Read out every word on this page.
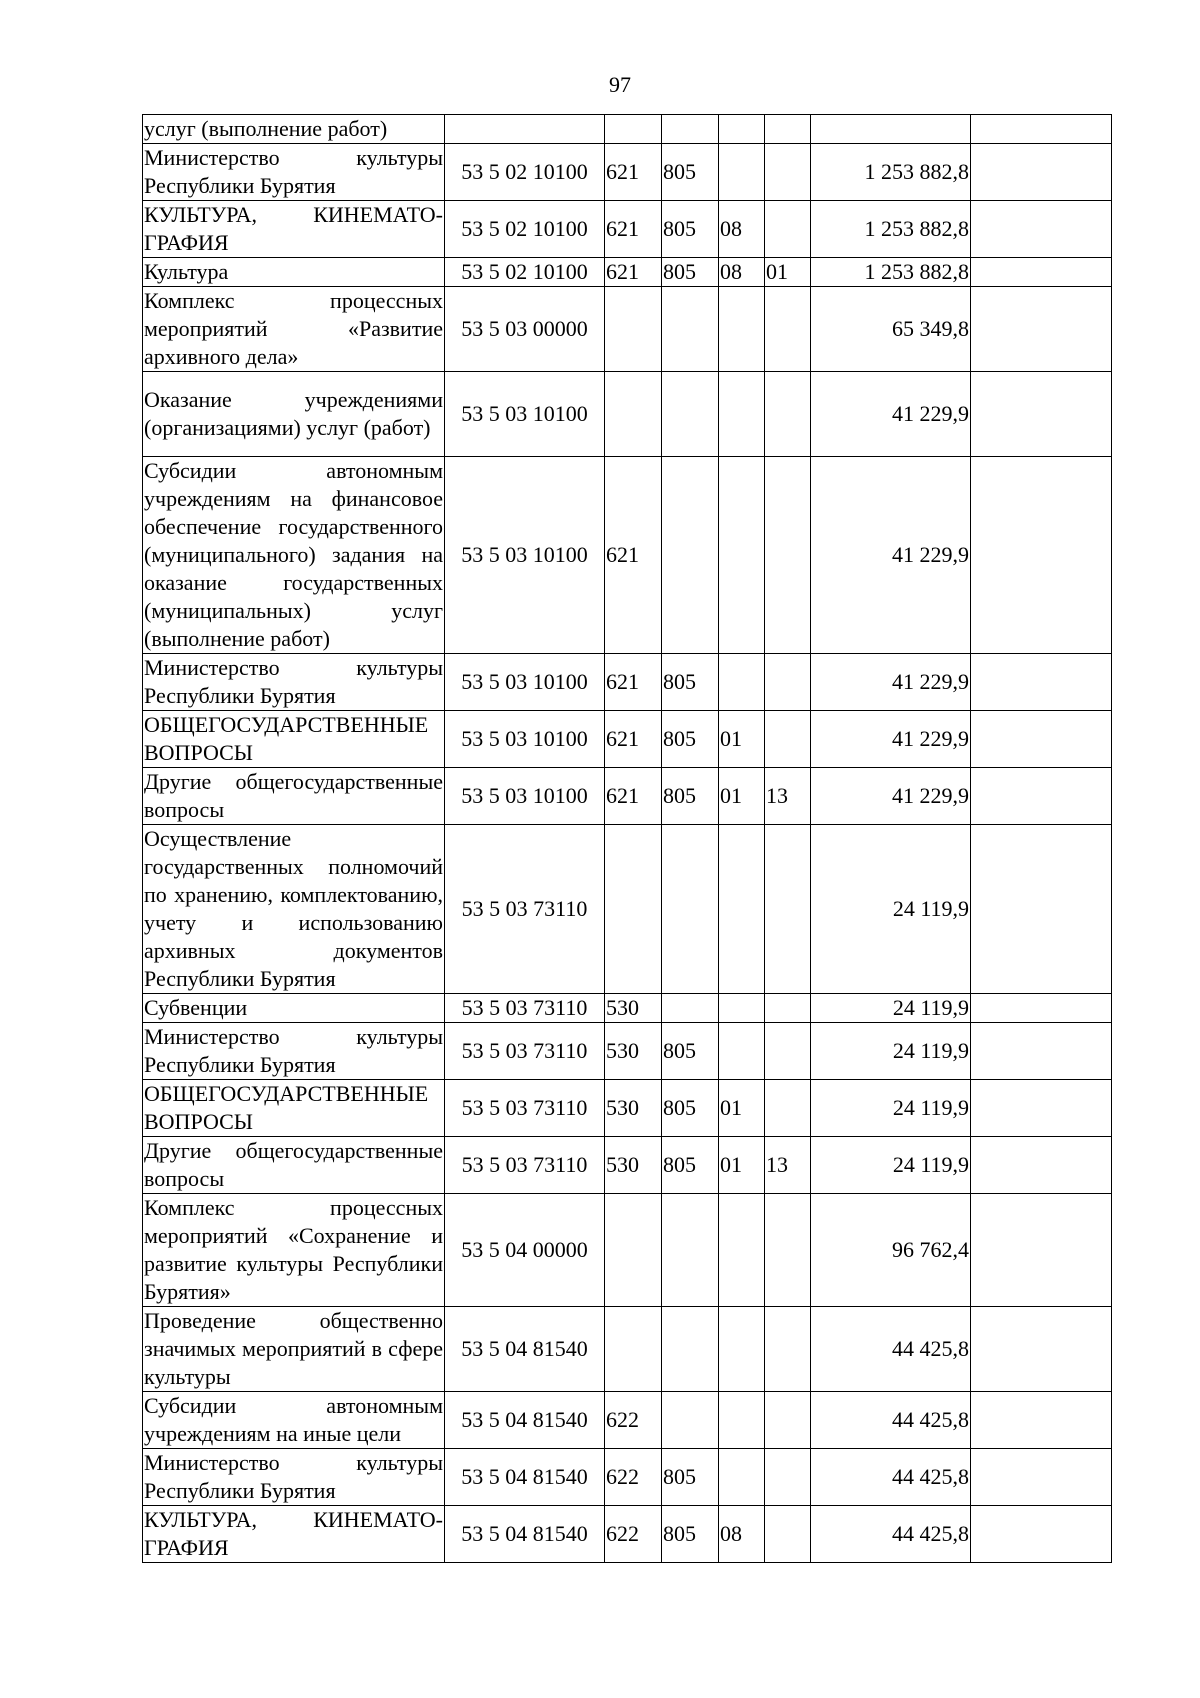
97
услуг (выполнение работ)							
Министерство культуры Республики Бурятия	53 5 02 10100	621	805			1 253 882,8	
КУЛЬТУРА, КИНЕМАТО-ГРАФИЯ	53 5 02 10100	621	805	08		1 253 882,8	
Культура	53 5 02 10100	621	805	08	01	1 253 882,8	
Комплекс процессных мероприятий «Развитие архивного дела»	53 5 03 00000					65 349,8	
Оказание учреждениями (организациями) услуг (работ)	53 5 03 10100					41 229,9	
Субсидии автономным учреждениям на финансовое обеспечение государственного (муниципального) задания на оказание государственных (муниципальных) услуг (выполнение работ)	53 5 03 10100	621				41 229,9	
Министерство культуры Республики Бурятия	53 5 03 10100	621	805			41 229,9	
ОБЩЕГОСУДАРСТВЕННЫЕ ВОПРОСЫ	53 5 03 10100	621	805	01		41 229,9	
Другие общегосударственные вопросы	53 5 03 10100	621	805	01	13	41 229,9	
Осуществление государственных полномочий по хранению, комплектованию, учету и использованию архивных документов Республики Бурятия	53 5 03 73110					24 119,9	
Субвенции	53 5 03 73110	530				24 119,9	
Министерство культуры Республики Бурятия	53 5 03 73110	530	805			24 119,9	
ОБЩЕГОСУДАРСТВЕННЫЕ ВОПРОСЫ	53 5 03 73110	530	805	01		24 119,9	
Другие общегосударственные вопросы	53 5 03 73110	530	805	01	13	24 119,9	
Комплекс процессных мероприятий «Сохранение и развитие культуры Республики Бурятия»	53 5 04 00000					96 762,4	
Проведение общественно значимых мероприятий в сфере культуры	53 5 04 81540					44 425,8	
Субсидии автономным учреждениям на иные цели	53 5 04 81540	622				44 425,8	
Министерство культуры Республики Бурятия	53 5 04 81540	622	805			44 425,8	
КУЛЬТУРА, КИНЕМАТО-ГРАФИЯ	53 5 04 81540	622	805	08		44 425,8	
